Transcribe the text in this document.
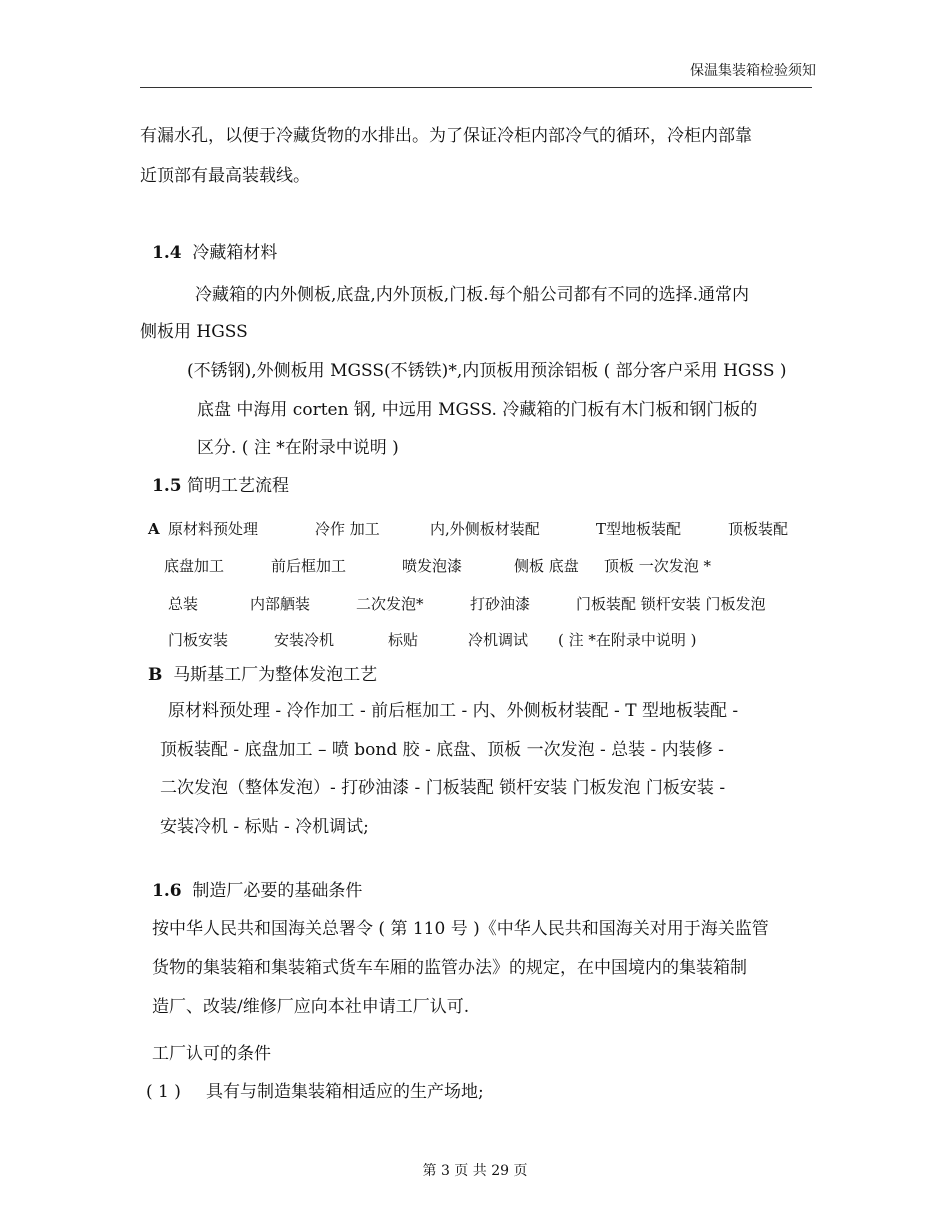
保温集装箱检验须知
有漏水孔，以便于冷藏货物的水排出。为了保证冷柜内部冷气的循环，冷柜内部靠
近顶部有最高装载线。
1.4 冷藏箱材料
冷藏箱的内外侧板,底盘,内外顶板,门板.每个船公司都有不同的选择.通常内
侧板用 HGSS
(不锈钢),外侧板用 MGSS(不锈铁)*,内顶板用预涂铝板 ( 部分客户采用 HGSS )
底盘 中海用 corten 钢, 中远用 MGSS. 冷藏箱的门板有木门板和钢门板的
区分. ( 注 *在附录中说明 )
1.5 简明工艺流程
A 原材料预处理	冷作 加工	内,外侧板材装配	T型地板装配	顶板装配
底盘加工	前后框加工	喷发泡漆	侧板 底盘 顶板 一次发泡 *
总装	内部舾装	二次发泡*	打砂油漆	门板装配 锁杆安装 门板发泡
门板安装	安装冷机	标贴	冷机调试 ( 注 *在附录中说明 )
B 马斯基工厂为整体发泡工艺
原材料预处理 - 冷作加工 - 前后框加工 - 内、外侧板材装配 - T 型地板装配 -
顶板装配 - 底盘加工 – 喷 bond 胶 - 底盘、顶板 一次发泡 - 总装 - 内装修 -
二次发泡（整体发泡）- 打砂油漆 - 门板装配 锁杆安装 门板发泡 门板安装 -
安装冷机 - 标贴 - 冷机调试;
1.6 制造厂必要的基础条件
按中华人民共和国海关总署令 ( 第 110 号 )《中华人民共和国海关对用于海关监管
货物的集装箱和集装箱式货车车厢的监管办法》的规定，在中国境内的集装箱制
造厂、改装/维修厂应向本社申请工厂认可.
工厂认可的条件
( 1 ) 具有与制造集装箱相适应的生产场地;
第 3 页 共 29 页
